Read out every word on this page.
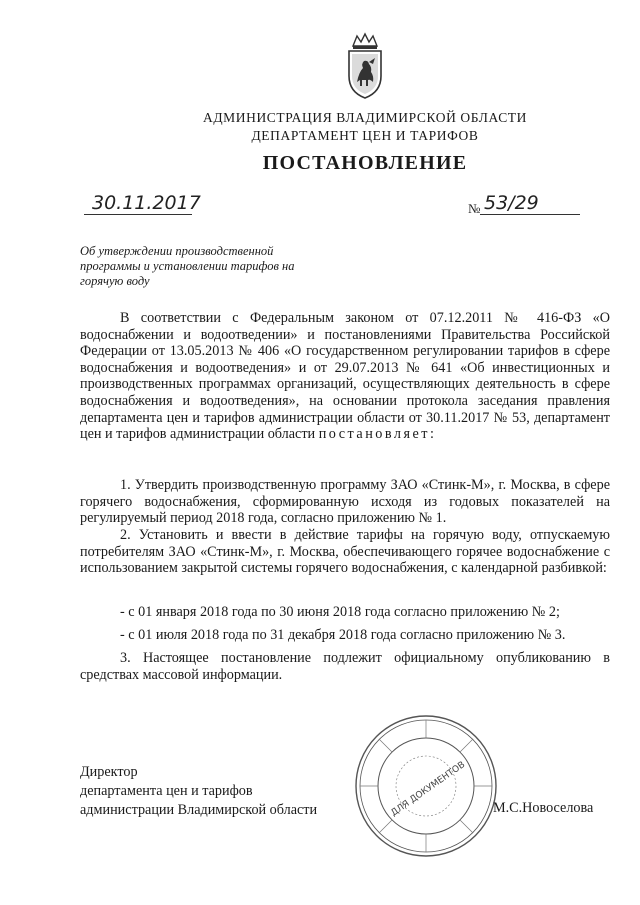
АДМИНИСТРАЦИЯ ВЛАДИМИРСКОЙ ОБЛАСТИ
ДЕПАРТАМЕНТ ЦЕН И ТАРИФОВ
ПОСТАНОВЛЕНИЕ
30.11.2017	№ 53/29
Об утверждении производственной программы и установлении тарифов на горячую воду
В соответствии с Федеральным законом от 07.12.2011 № 416-ФЗ «О водоснабжении и водоотведении» и постановлениями Правительства Российской Федерации от 13.05.2013 № 406 «О государственном регулировании тарифов в сфере водоснабжения и водоотведения» и от 29.07.2013 № 641 «Об инвестиционных и производственных программах организаций, осуществляющих деятельность в сфере водоснабжения и водоотведения», на основании протокола заседания правления департамента цен и тарифов администрации области от 30.11.2017 № 53, департамент цен и тарифов администрации области постановляет:
1. Утвердить производственную программу ЗАО «Стинк-М», г. Москва, в сфере горячего водоснабжения, сформированную исходя из годовых показателей на регулируемый период 2018 года, согласно приложению № 1.
2. Установить и ввести в действие тарифы на горячую воду, отпускаемую потребителям ЗАО «Стинк-М», г. Москва, обеспечивающего горячее водоснабжение с использованием закрытой системы горячего водоснабжения, с календарной разбивкой:
- с 01 января 2018 года по 30 июня 2018 года согласно приложению № 2;
- с 01 июля 2018 года по 31 декабря 2018 года согласно приложению № 3.
3. Настоящее постановление подлежит официальному опубликованию в средствах массовой информации.
Директор
департамента цен и тарифов
администрации Владимирской области	ДЛЯ ДОКУМЕНТОВ М.С.Новоселова
